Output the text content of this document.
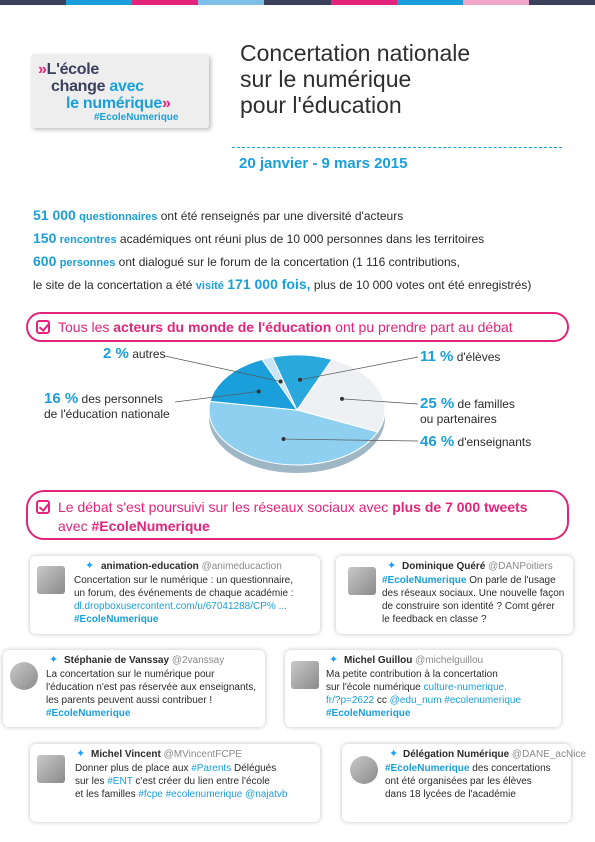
»L'école
change avec
le numérique»
#EcoleNumerique
Concertation nationale
sur le numérique
pour l'éducation
20 janvier - 9 mars 2015
51 000 questionnaires ont été renseignés par une diversité d'acteurs
150 rencontres académiques ont réuni plus de 10 000 personnes dans les territoires
600 personnes ont dialogué sur le forum de la concertation (1 116 contributions,
le site de la concertation a été visité 171 000 fois, plus de 10 000 votes ont été enregistrés)
Tous les acteurs du monde de l'éducation ont pu prendre part au débat
2 % autres
16 % des personnels
de l'éducation nationale
11 % d'élèves
25 % de familles
ou partenaires
46 % d'enseignants
Le débat s'est poursuivi sur les réseaux sociaux avec plus de 7 000 tweets
avec #EcoleNumerique
✦ animation-education @animeducaction
Concertation sur le numérique : un questionnaire,
un forum, des événements de chaque académie :
dl.dropboxusercontent.com/u/67041288/CP% ...
#EcoleNumerique
✦ Dominique Quéré @DANPoitiers
#EcoleNumerique On parle de l'usage
des réseaux sociaux. Une nouvelle façon
de construire son identité ? Comt gérer
le feedback en classe ?
✦ Stéphanie de Vanssay @2vanssay
La concertation sur le numérique pour
l'éducation n'est pas réservée aux enseignants,
les parents peuvent aussi contribuer !
#EcoleNumerique
✦ Michel Guillou @michelguillou
Ma petite contribution à la concertation
sur l'école numérique culture-numerique.
fr/?p=2622 cc @edu_num #ecolenumerique
#EcoleNumerique
✦ Michel Vincent @MVincentFCPE
Donner plus de place aux #Parents Délégués
sur les #ENT c'est créer du lien entre l'école
et les familles #fcpe #ecolenumerique @najatvb
✦ Délégation Numérique @DANE_acNice
#EcoleNumerique des concertations
ont été organisées par les élèves
dans 18 lycées de l'académie
